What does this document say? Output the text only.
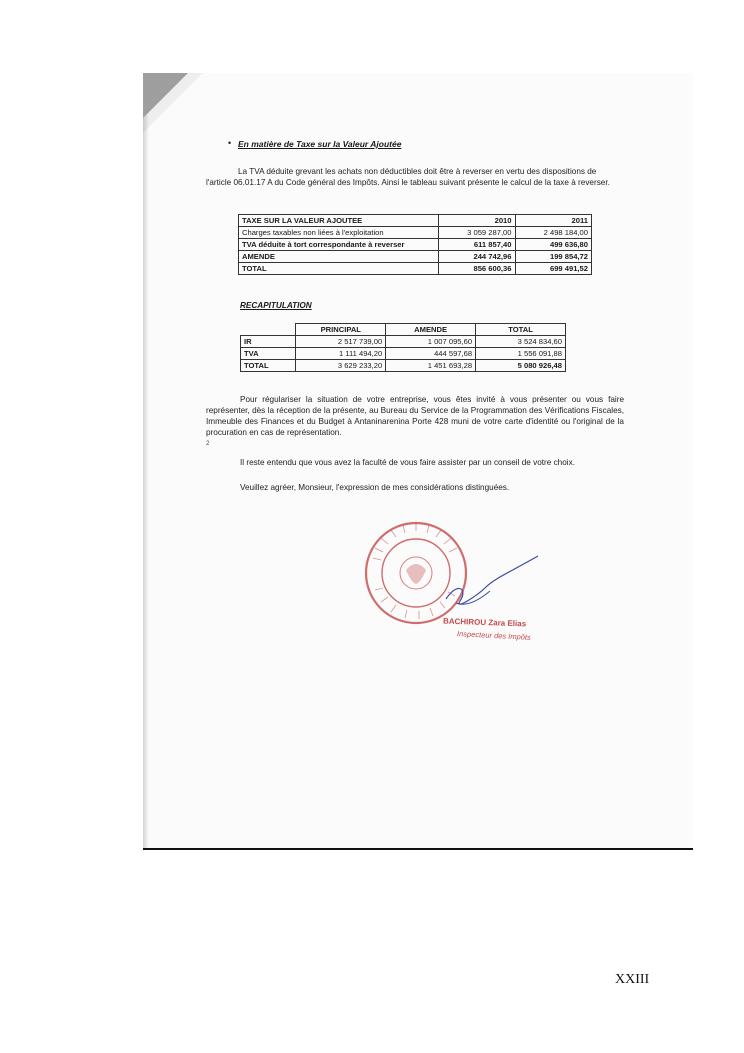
• En matière de Taxe sur la Valeur Ajoutée
La TVA déduite grevant les achats non déductibles doit être à reverser en vertu des dispositions de l'article 06.01.17 A du Code général des Impôts. Ainsi le tableau suivant présente le calcul de la taxe à reverser.
TAXE SUR LA VALEUR AJOUTEE	2010	2011
Charges taxables non liées à l'exploitation	3 059 287,00	2 498 184,00
TVA déduite à tort correspondante à reverser	611 857,40	499 636,80
AMENDE	244 742,96	199 854,72
TOTAL	856 600,36	699 491,52
RECAPITULATION
	PRINCIPAL	AMENDE	TOTAL
IR	2 517 739,00	1 007 095,60	3 524 834,60
TVA	1 111 494,20	444 597,68	1 556 091,88
TOTAL	3 629 233,20	1 451 693,28	5 080 926,48
Pour régulariser la situation de votre entreprise, vous êtes invité à vous présenter ou vous faire représenter, dès la réception de la présente, au Bureau du Service de la Programmation des Vérifications Fiscales, Immeuble des Finances et du Budget à Antaninarenina Porte 428 muni de votre carte d'identité ou l'original de la procuration en cas de représentation.
2
Il reste entendu que vous avez la faculté de vous faire assister par un conseil de votre choix.
Veuillez agréer, Monsieur, l'expression de mes considérations distinguées.
BACHIROU Zara Elias
Inspecteur des Impôts
XXIII
